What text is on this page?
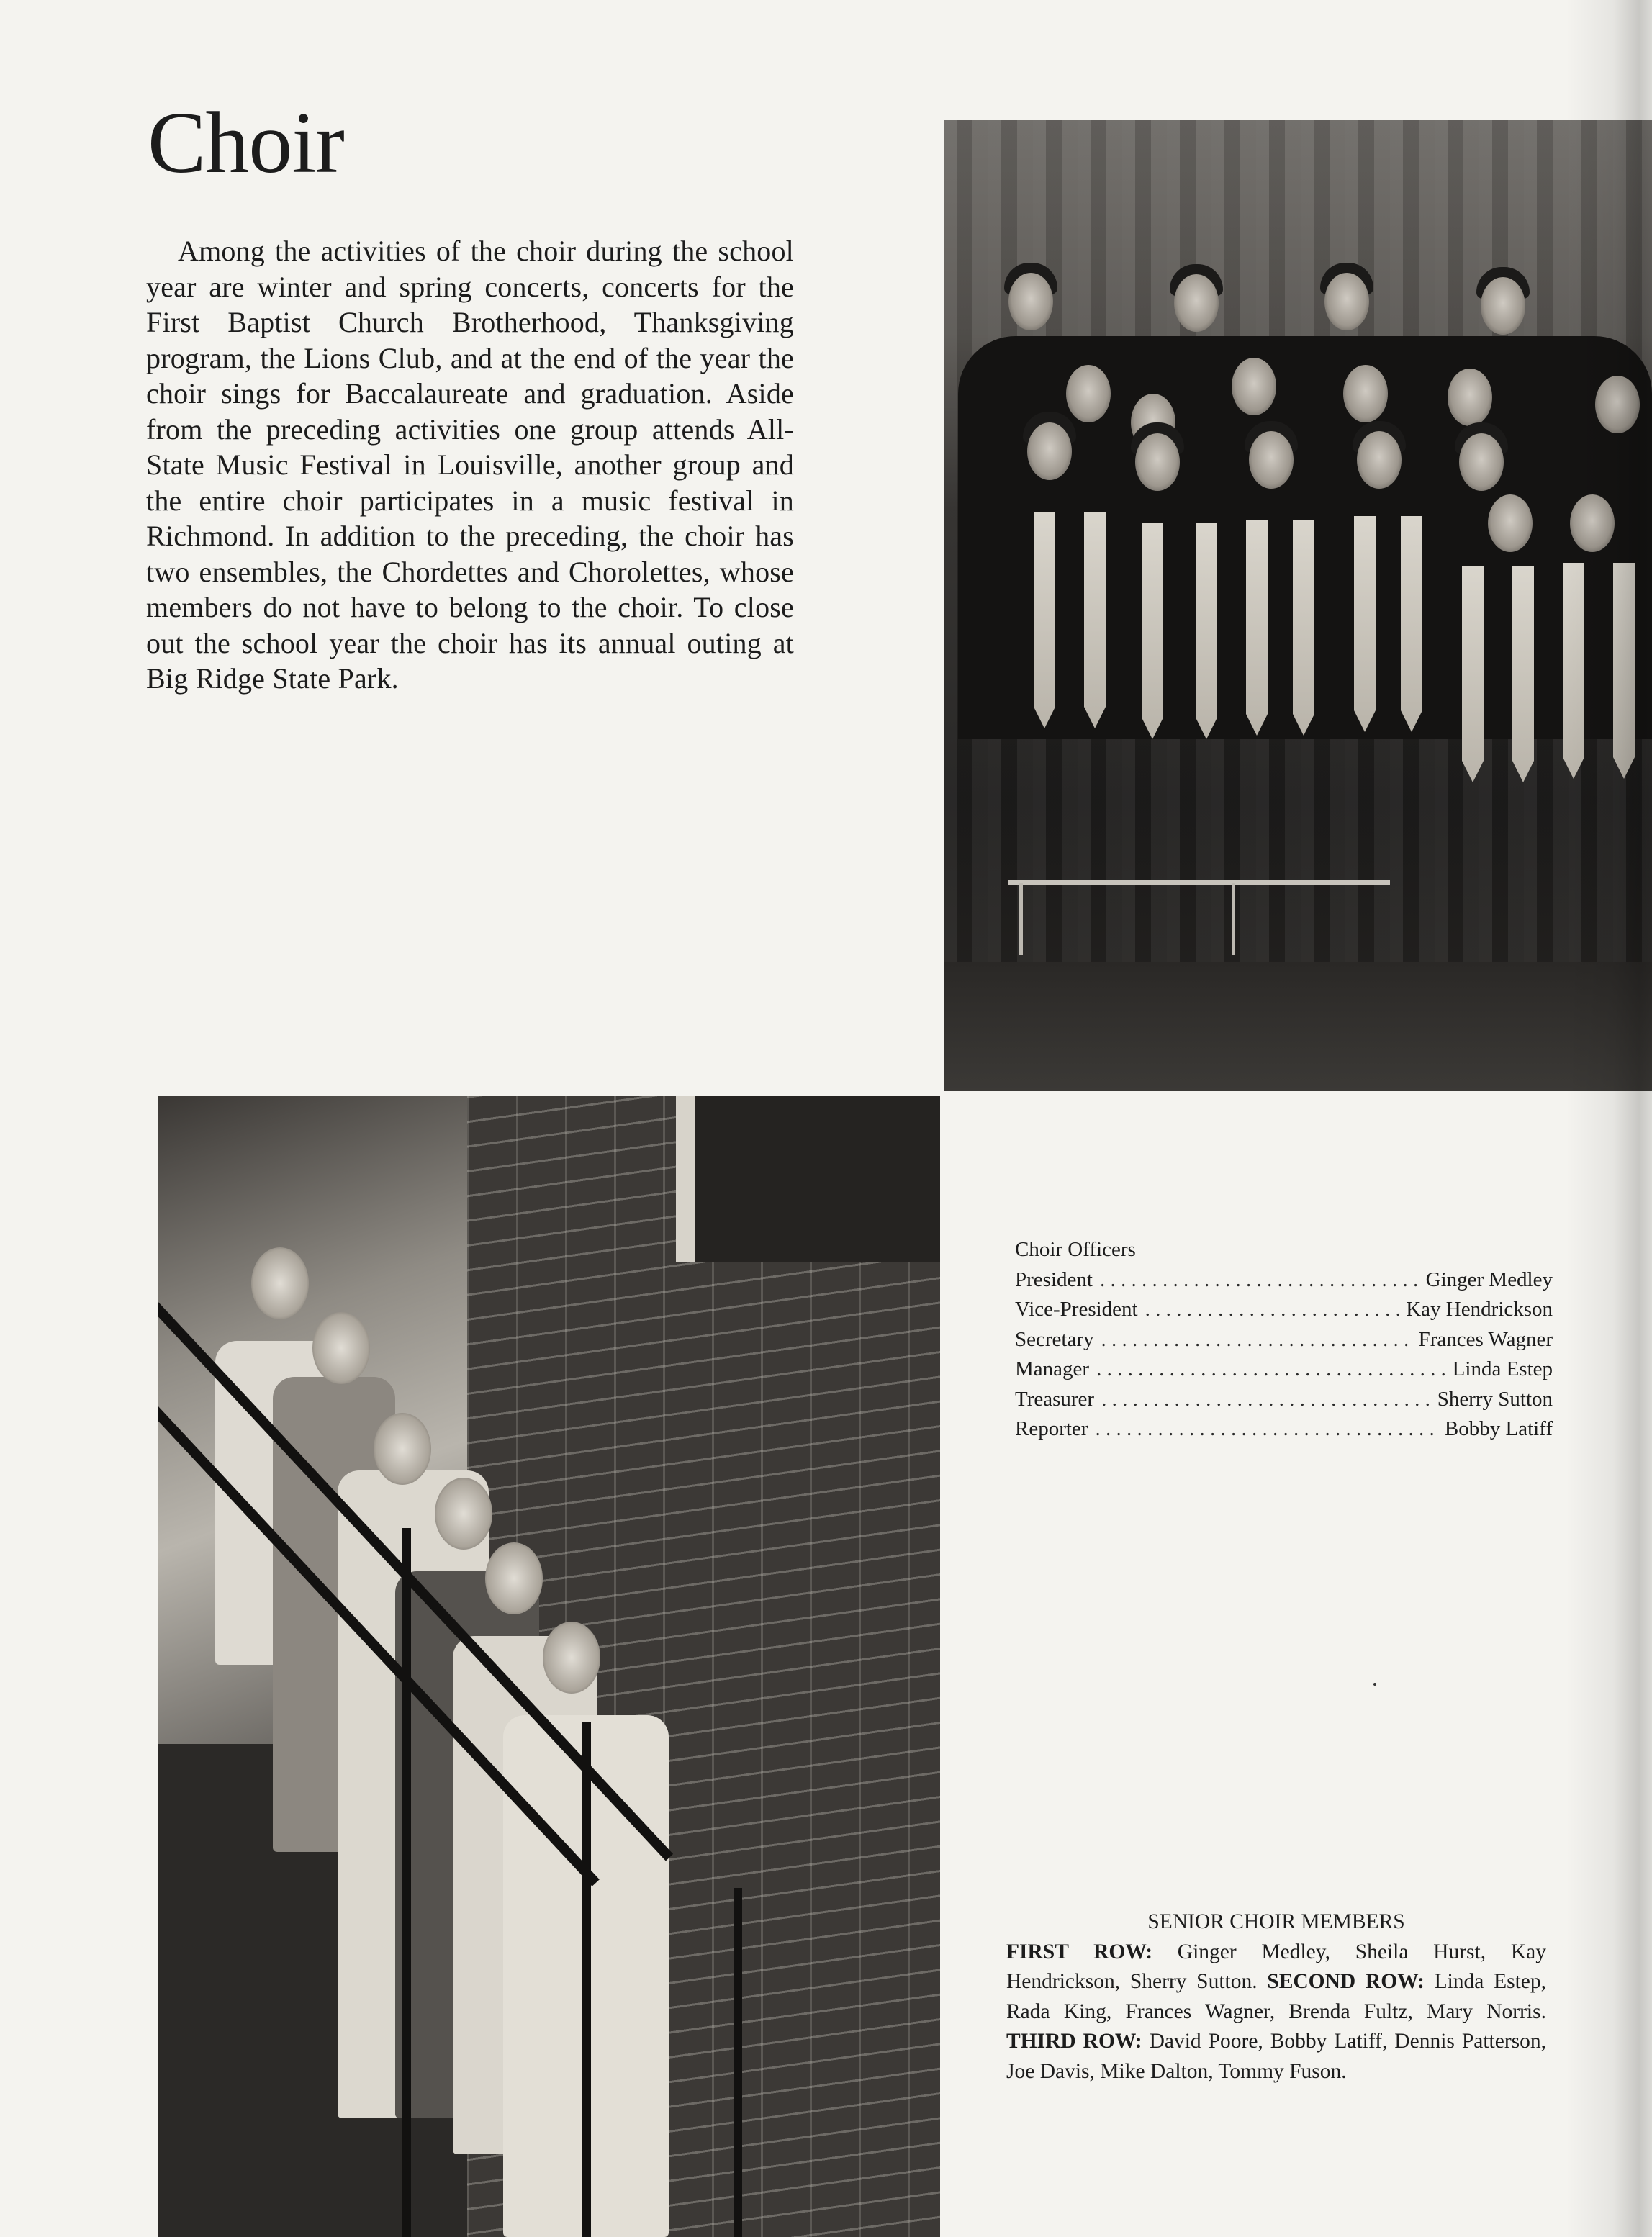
Choir

Among the activities of the choir during the school year are winter and spring concerts, concerts for the First Baptist Church Brotherhood, Thanksgiving program, the Lions Club, and at the end of the year the choir sings for Baccalaureate and graduation. Aside from the preceding activities one group attends All-State Music Festival in Louisville, another group and the entire choir participates in a music festival in Richmond. In addition to the preceding, the choir has two ensembles, the Chordettes and Chorolettes, whose members do not have to belong to the choir. To close out the school year the choir has its annual outing at Big Ridge State Park.

Choir Officers
President . . .	Ginger Medley
Vice-President . . .	Kay Hendrickson
Secretary . . .	Frances Wagner
Manager . . .	Linda Estep
Treasurer . . .	Sherry Sutton
Reporter . . .	Bobby Latiff
SENIOR CHOIR MEMBERS

FIRST ROW: Ginger Medley, Sheila Hurst, Kay Hendrickson, Sherry Sutton. SECOND ROW: Linda Estep, Rada King, Frances Wagner, Brenda Fultz, Mary Norris. THIRD ROW: David Poore, Bobby Latiff, Dennis Patterson, Joe Davis, Mike Dalton, Tommy Fuson.
